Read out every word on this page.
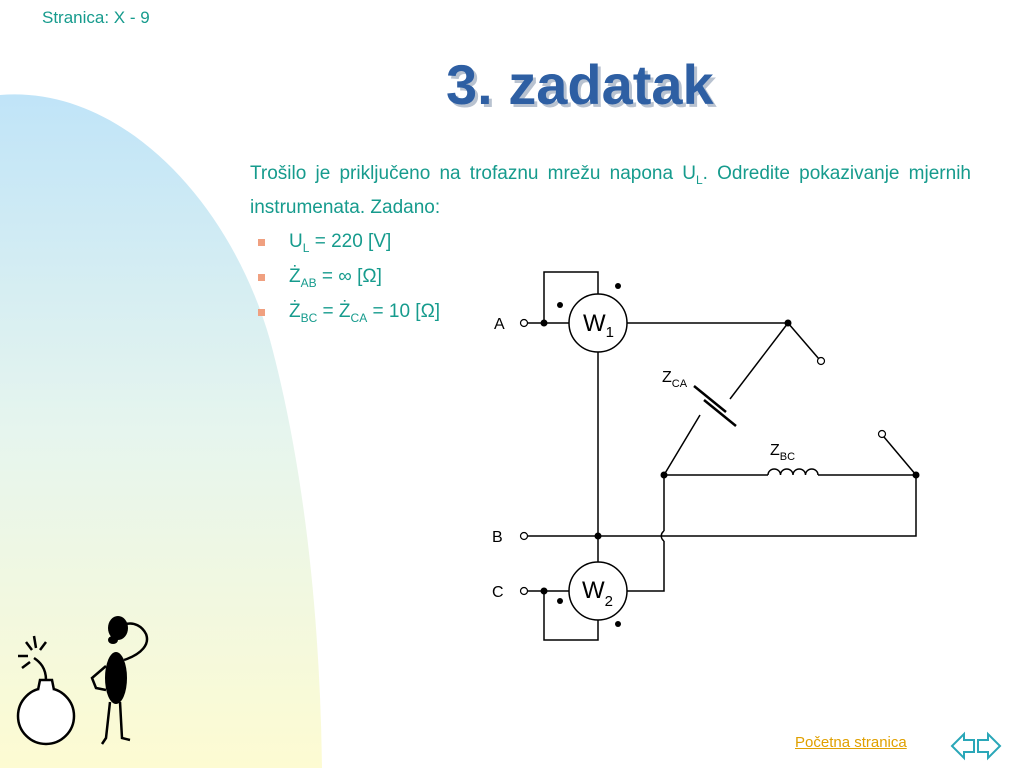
Stranica: X - 9
3. zadatak
Trošilo je priključeno na trofaznu mrežu napona $U_L$. Odredite pokazivanje mjernih instrumenata. Zadano:
$U_L = 220$ [V]
$Ż_{AB}$ = ∞ [Ω]
$Ż_{BC}$ = $Ż_{CA} = 10$ [Ω]
A
B
C
$W_1$
$W_2$
$Z_{CA}$
$Z_{BC}$
Početna stranica
